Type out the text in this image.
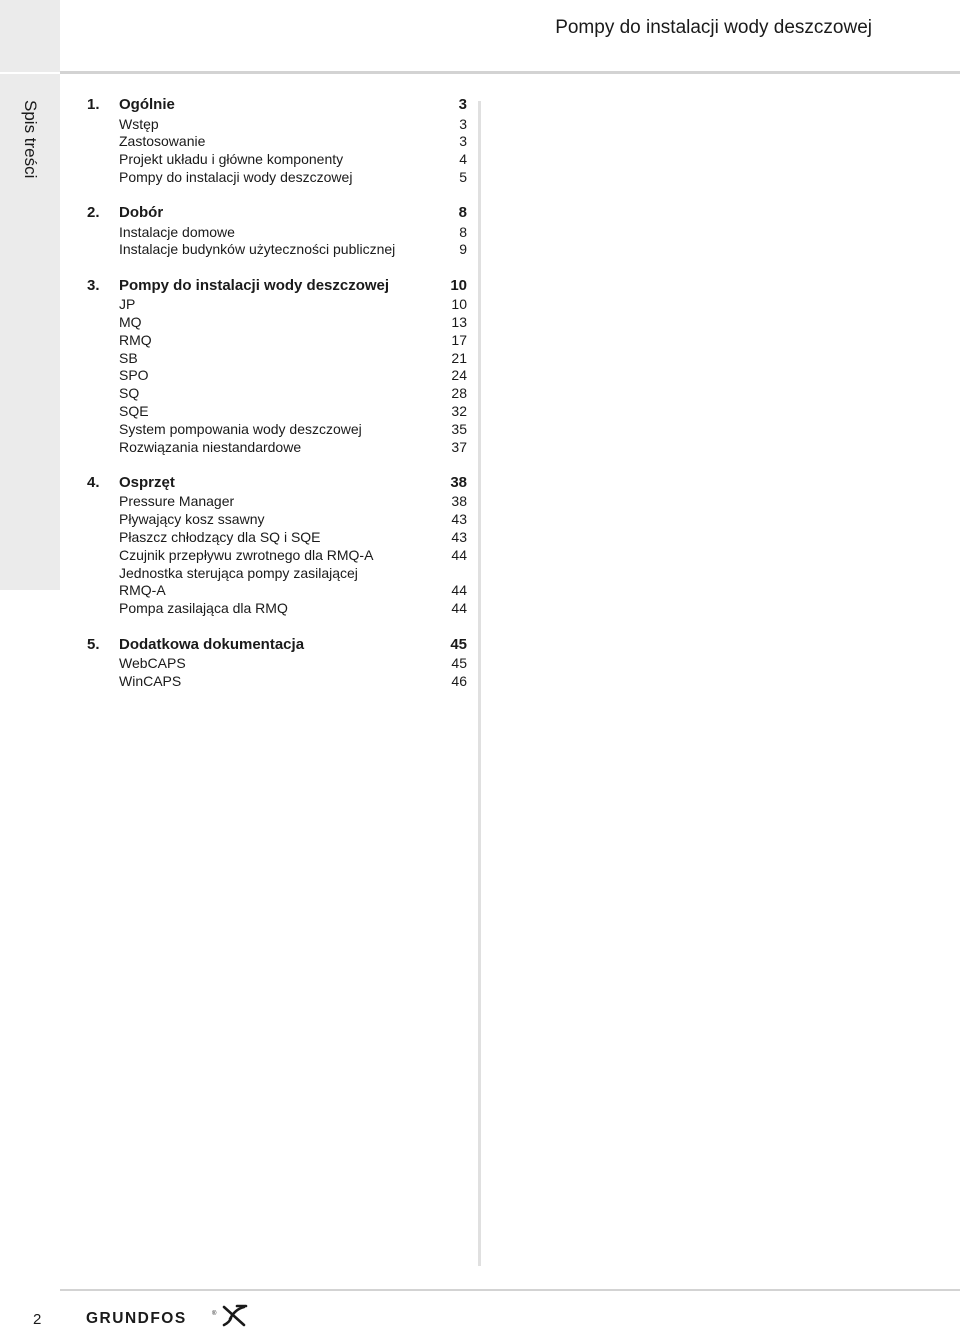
Pompy do instalacji wody deszczowej
Spis treści	1.	Ogólnie	3
Wstęp	3
Zastosowanie	3
Projekt układu i główne komponenty	4
Pompy do instalacji wody deszczowej	5
2.	Dobór	8
Instalacje domowe	8
Instalacje budynków użyteczności publicznej	9
3.	Pompy do instalacji wody deszczowej	10
JP	10
MQ	13
RMQ	17
SB	21
SPO	24
SQ	28
SQE	32
System pompowania wody deszczowej	35
Rozwiązania niestandardowe	37
4.	Osprzęt	38
Pressure Manager	38
Pływający kosz ssawny	43
Płaszcz chłodzący dla SQ i SQE	43
Czujnik przepływu zwrotnego dla RMQ-A	44
Jednostka sterująca pompy zasilającej
RMQ-A	44
Pompa zasilająca dla RMQ	44
5.	Dodatkowa dokumentacja	45
WebCAPS	45
WinCAPS	46
2	GRUNDFOS	®
